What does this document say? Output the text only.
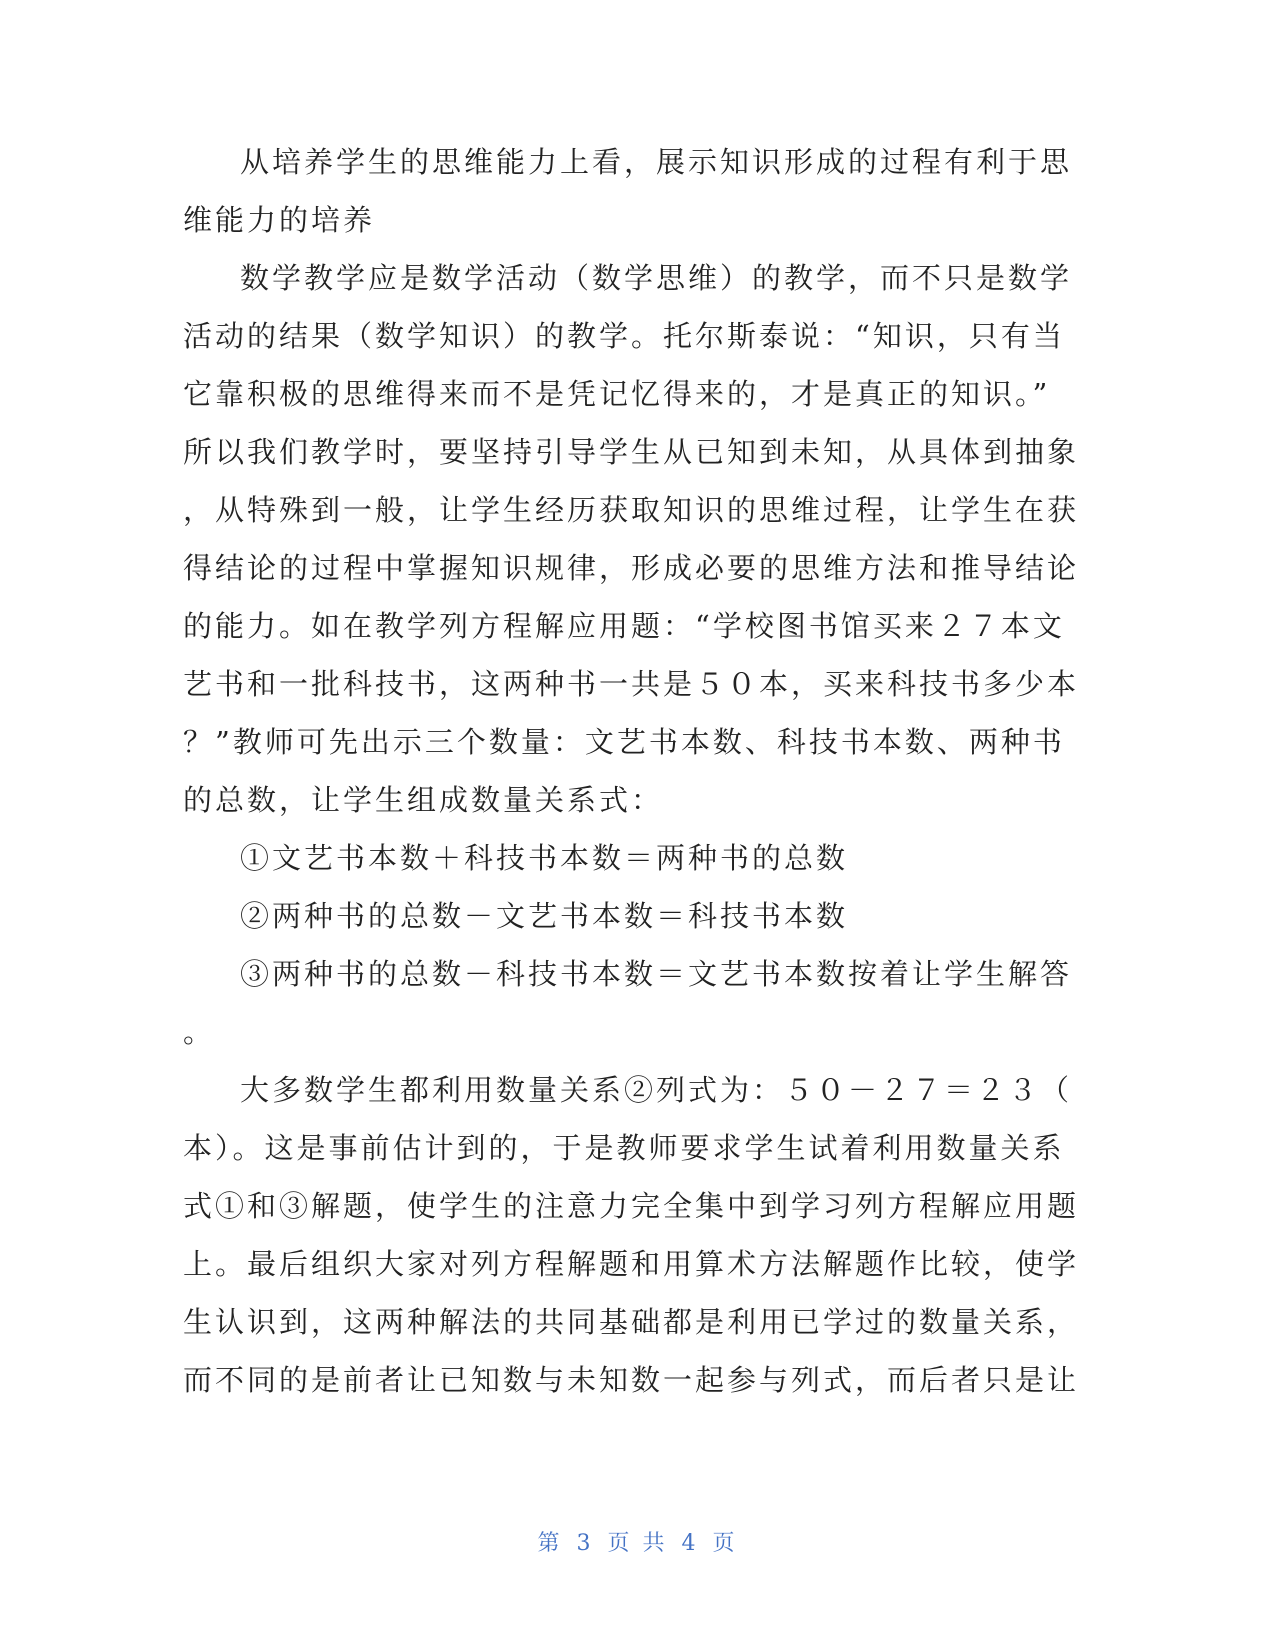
从培养学生的思维能力上看，展示知识形成的过程有利于思
维能力的培养
数学教学应是数学活动（数学思维）的教学，而不只是数学
活动的结果（数学知识）的教学。托尔斯泰说：“知识，只有当
它靠积极的思维得来而不是凭记忆得来的，才是真正的知识。”
所以我们教学时，要坚持引导学生从已知到未知，从具体到抽象
，从特殊到一般，让学生经历获取知识的思维过程，让学生在获
得结论的过程中掌握知识规律，形成必要的思维方法和推导结论
的能力。如在教学列方程解应用题：“学校图书馆买来２７本文
艺书和一批科技书，这两种书一共是５０本，买来科技书多少本
？”教师可先出示三个数量：文艺书本数、科技书本数、两种书
的总数，让学生组成数量关系式：
①文艺书本数＋科技书本数＝两种书的总数
②两种书的总数－文艺书本数＝科技书本数
③两种书的总数－科技书本数＝文艺书本数按着让学生解答
。
大多数学生都利用数量关系②列式为：５０－２７＝２３（
本）。这是事前估计到的，于是教师要求学生试着利用数量关系
式①和③解题，使学生的注意力完全集中到学习列方程解应用题
上。最后组织大家对列方程解题和用算术方法解题作比较，使学
生认识到，这两种解法的共同基础都是利用已学过的数量关系，
而不同的是前者让已知数与未知数一起参与列式，而后者只是让
第 3 页 共 4 页
